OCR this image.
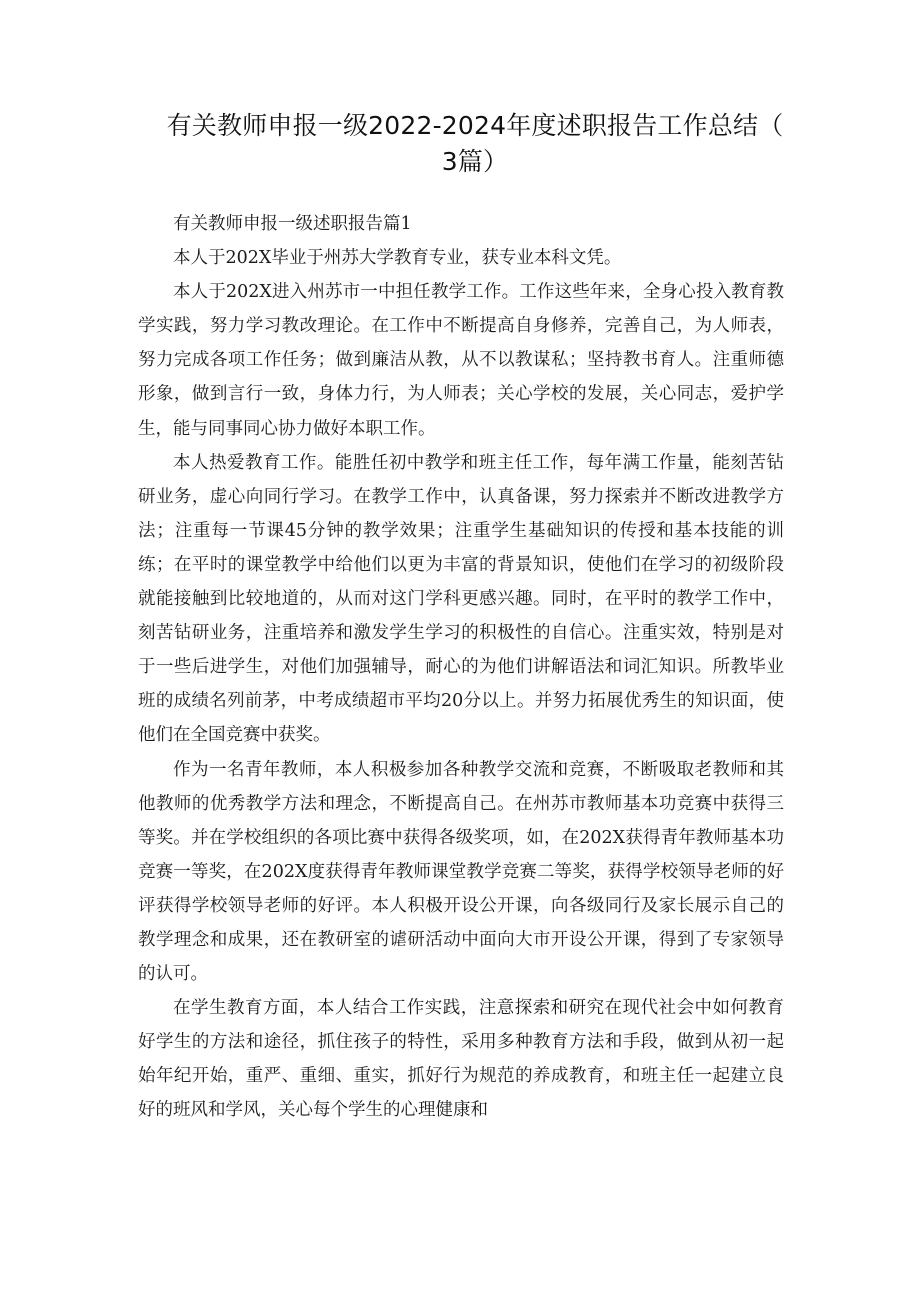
有关教师申报一级2022-2024年度述职报告工作总结（
3篇）

有关教师申报一级述职报告篇1

本人于202X毕业于州苏大学教育专业，获专业本科文凭。

本人于202X进入州苏市一中担任教学工作。工作这些年来，全身心投入教育教学实践，努力学习教改理论。在工作中不断提高自身修养，完善自己，为人师表，努力完成各项工作任务；做到廉洁从教，从不以教谋私；坚持教书育人。注重师德形象，做到言行一致，身体力行，为人师表；关心学校的发展，关心同志，爱护学生，能与同事同心协力做好本职工作。

本人热爱教育工作。能胜任初中教学和班主任工作，每年满工作量，能刻苦钻研业务，虚心向同行学习。在教学工作中，认真备课，努力探索并不断改进教学方法；注重每一节课45分钟的教学效果；注重学生基础知识的传授和基本技能的训练；在平时的课堂教学中给他们以更为丰富的背景知识，使他们在学习的初级阶段就能接触到比较地道的，从而对这门学科更感兴趣。同时，在平时的教学工作中，刻苦钻研业务，注重培养和激发学生学习的积极性的自信心。注重实效，特别是对于一些后进学生，对他们加强辅导，耐心的为他们讲解语法和词汇知识。所教毕业班的成绩名列前茅，中考成绩超市平均20分以上。并努力拓展优秀生的知识面，使他们在全国竞赛中获奖。

作为一名青年教师，本人积极参加各种教学交流和竞赛，不断吸取老教师和其他教师的优秀教学方法和理念，不断提高自己。在州苏市教师基本功竞赛中获得三等奖。并在学校组织的各项比赛中获得各级奖项，如，在202X获得青年教师基本功竞赛一等奖，在202X度获得青年教师课堂教学竞赛二等奖，获得学校领导老师的好评获得学校领导老师的好评。本人积极开设公开课，向各级同行及家长展示自己的教学理念和成果，还在教研室的谑研活动中面向大市开设公开课，得到了专家领导的认可。

在学生教育方面，本人结合工作实践，注意探索和研究在现代社会中如何教育好学生的方法和途径，抓住孩子的特性，采用多种教育方法和手段，做到从初一起始年纪开始，重严、重细、重实，抓好行为规范的养成教育，和班主任一起建立良好的班风和学风，关心每个学生的心理健康和
